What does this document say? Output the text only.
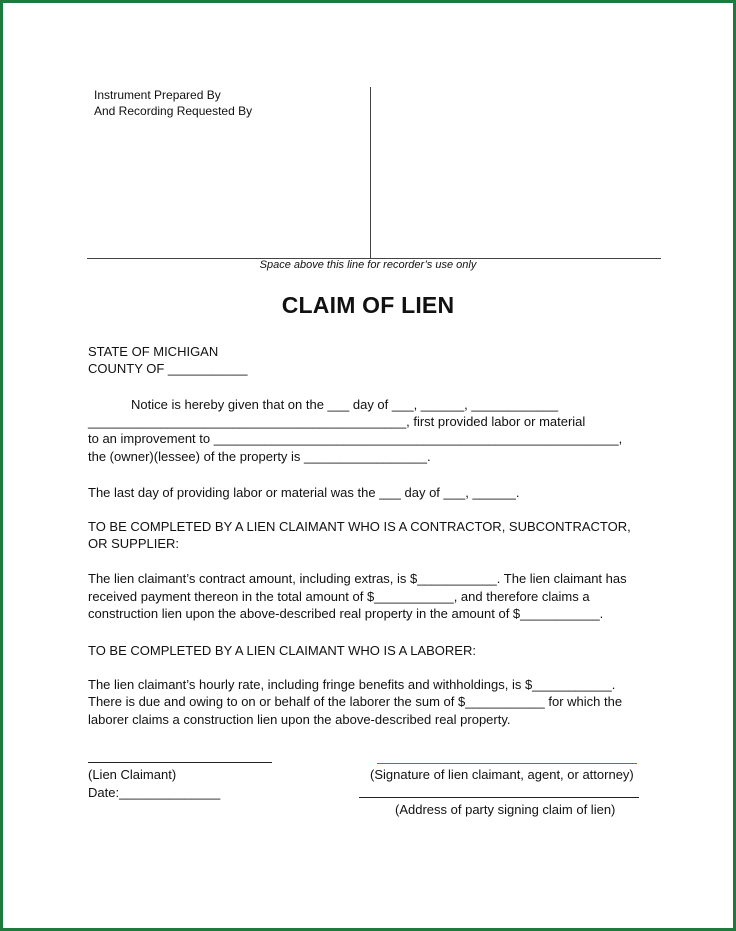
Instrument Prepared By
And Recording Requested By
Space above this line for recorder’s use only
CLAIM OF LIEN
STATE OF MICHIGAN
COUNTY OF ___________
Notice is hereby given that on the ___ day of ___, ______, ____________
____________________________________________, first provided labor or material
to an improvement to ________________________________________________________,
the (owner)(lessee) of the property is _________________.
The last day of providing labor or material was the ___ day of ___, ______.
TO BE COMPLETED BY A LIEN CLAIMANT WHO IS A CONTRACTOR, SUBCONTRACTOR,
OR SUPPLIER:
The lien claimant’s contract amount, including extras, is $___________. The lien claimant has
received payment thereon in the total amount of $___________, and therefore claims a
construction lien upon the above-described real property in the amount of $___________.
TO BE COMPLETED BY A LIEN CLAIMANT WHO IS A LABORER:
The lien claimant’s hourly rate, including fringe benefits and withholdings, is $___________.
There is due and owing to on or behalf of the laborer the sum of $___________ for which the
laborer claims a construction lien upon the above-described real property.
(Lien Claimant)	(Signature of lien claimant, agent, or attorney)
Date:______________
(Address of party signing claim of lien)
